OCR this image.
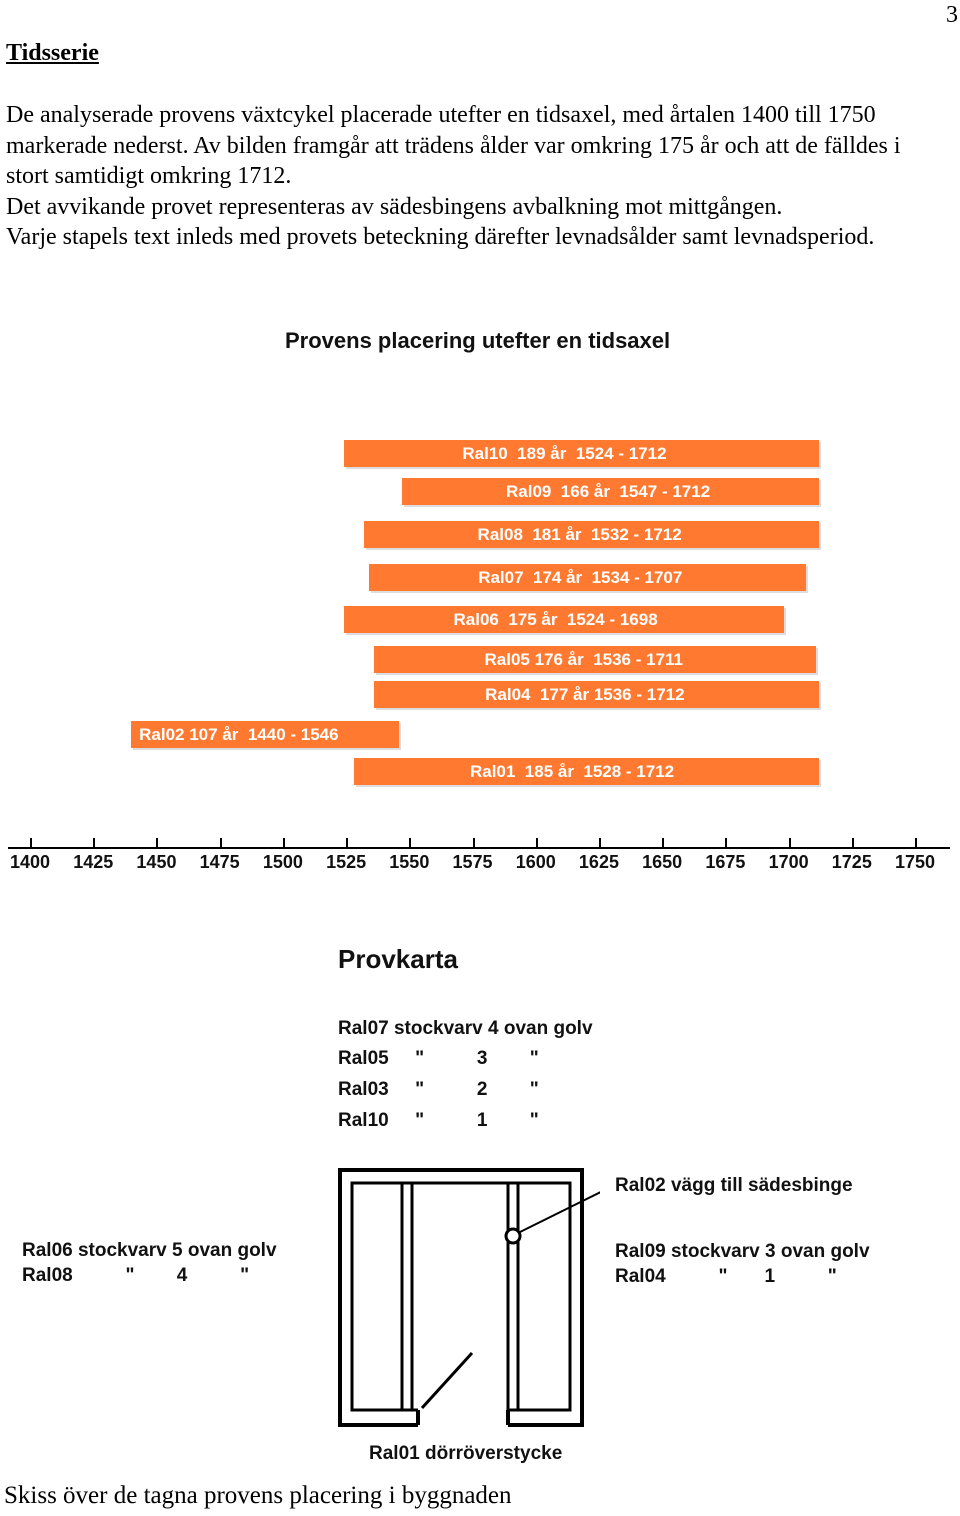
3
Tidsserie

De analyserade provens växtcykel placerade utefter en tidsaxel, med årtalen 1400 till 1750 markerade nederst. Av bilden framgår att trädens ålder var omkring 175 år och att de fälldes i stort samtidigt omkring 1712.

Det avvikande provet representeras av sädesbingens avbalkning mot mittgången.

Varje stapels text inleds med provets beteckning därefter levnadsålder samt levnadsperiod.

Provens placering utefter en tidsaxel
Ral10  189 år  1524 - 1712
Ral09  166 år  1547 - 1712
Ral08  181 år  1532 - 1712
Ral07  174 år  1534 - 1707
Ral06  175 år  1524 - 1698
Ral05 176 år  1536 - 1711
Ral04  177 år 1536 - 1712
Ral02 107 år  1440 - 1546
Ral01  185 år  1528 - 1712
1400 1425 1450 1475 1500 1525 1550 1575 1600 1625 1650 1675 1700 1725 1750
Provkarta
Ral07 stockvarv 4 ovan golv
Ral05     "          3        "
Ral03     "          2        "
Ral10     "          1        "
Ral02 vägg till sädesbinge
Ral06 stockvarv 5 ovan golv
Ral08          "        4          "
Ral09 stockvarv 3 ovan golv
Ral04          "       1          "
Ral01 dörröverstycke
Skiss över de tagna provens placering i byggnaden
